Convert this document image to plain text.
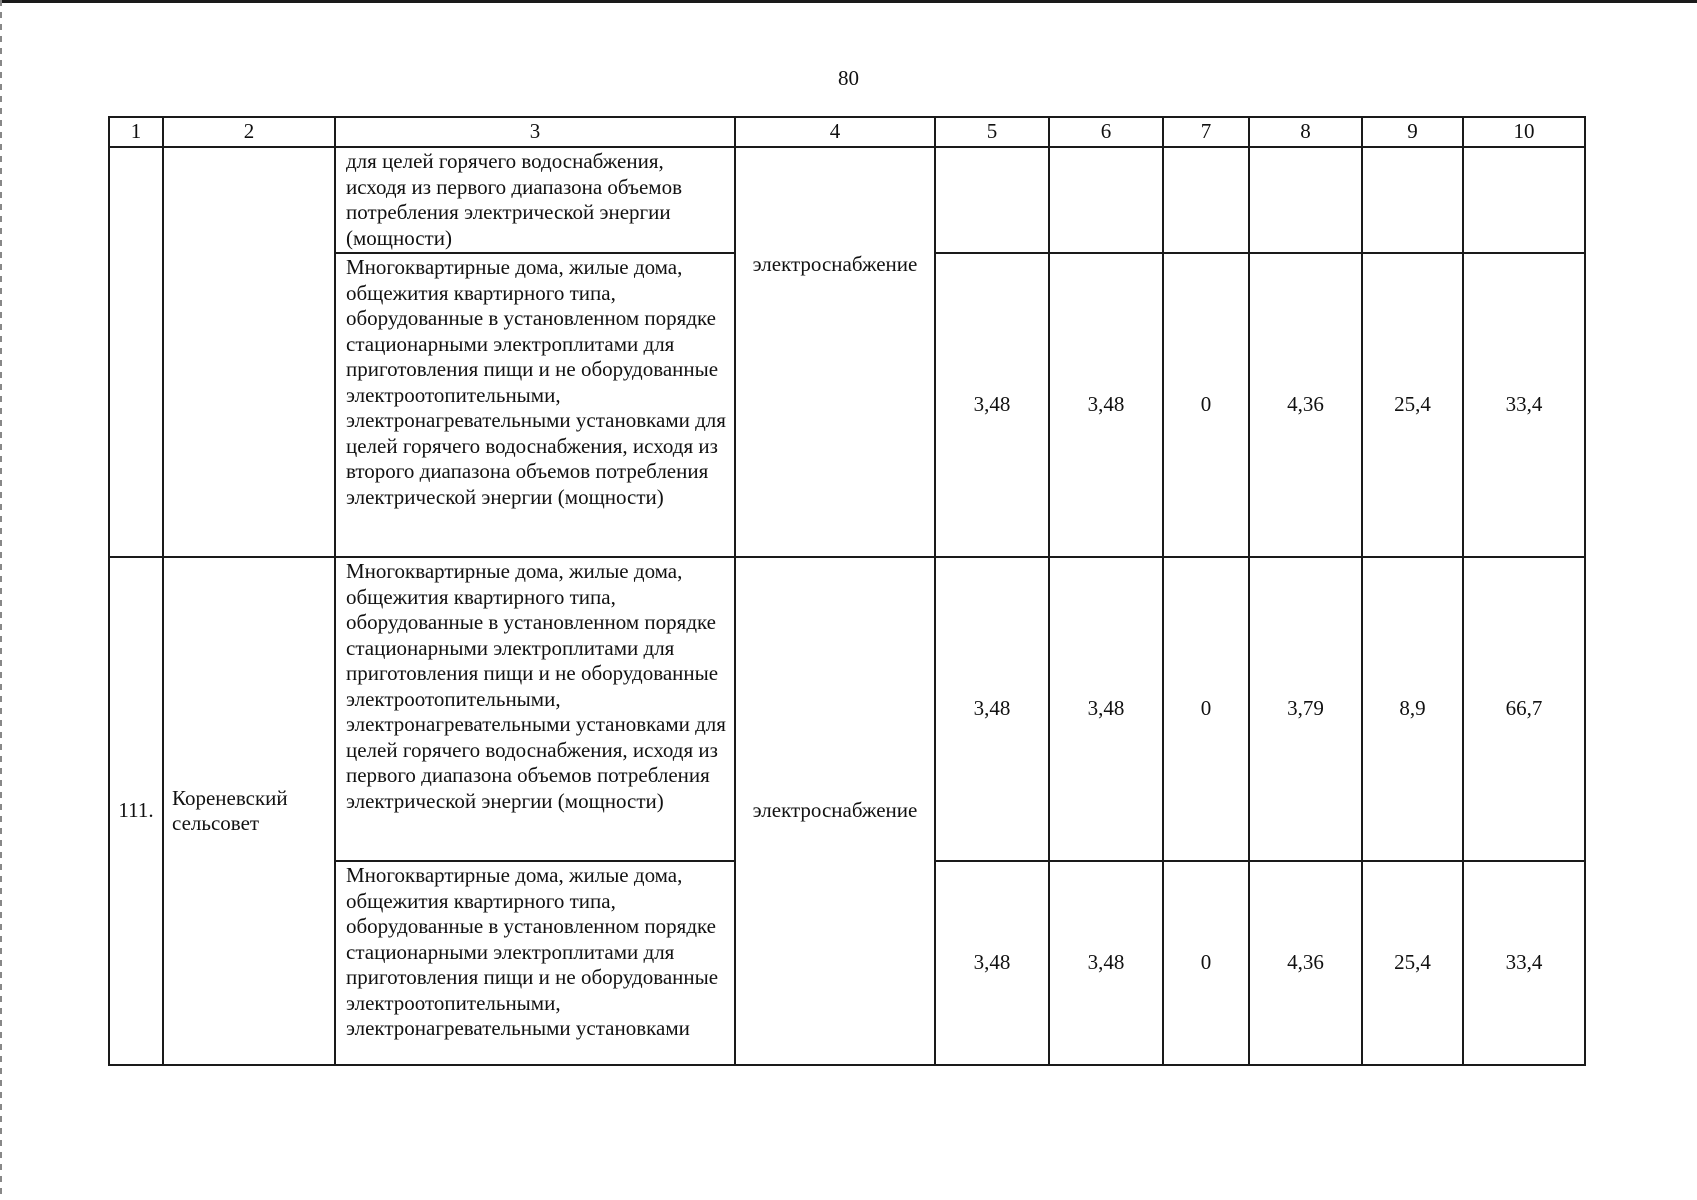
80
1	2	3	4	5	6	7	8	9	10
		для целей горячего водоснабжения, исходя из первого диапазона объемов потребления электрической энергии (мощности)	электроснабжение						
		Многоквартирные дома, жилые дома, общежития квартирного типа, оборудованные в установленном порядке стационарными электроплитами для приготовления пищи и не оборудованные электроотопительными, электронагревательными установками для целей горячего водоснабжения, исходя из второго диапазона объемов потребления электрической энергии (мощности)		3,48	3,48	0	4,36	25,4	33,4
111.	Кореневский сельсовет	Многоквартирные дома, жилые дома, общежития квартирного типа, оборудованные в установленном порядке стационарными электроплитами для приготовления пищи и не оборудованные электроотопительными, электронагревательными установками для целей горячего водоснабжения, исходя из первого диапазона объемов потребления электрической энергии (мощности)	электроснабжение	3,48	3,48	0	3,79	8,9	66,7
		Многоквартирные дома, жилые дома, общежития квартирного типа, оборудованные в установленном порядке стационарными электроплитами для приготовления пищи и не оборудованные электроотопительными, электронагревательными установками		3,48	3,48	0	4,36	25,4	33,4
